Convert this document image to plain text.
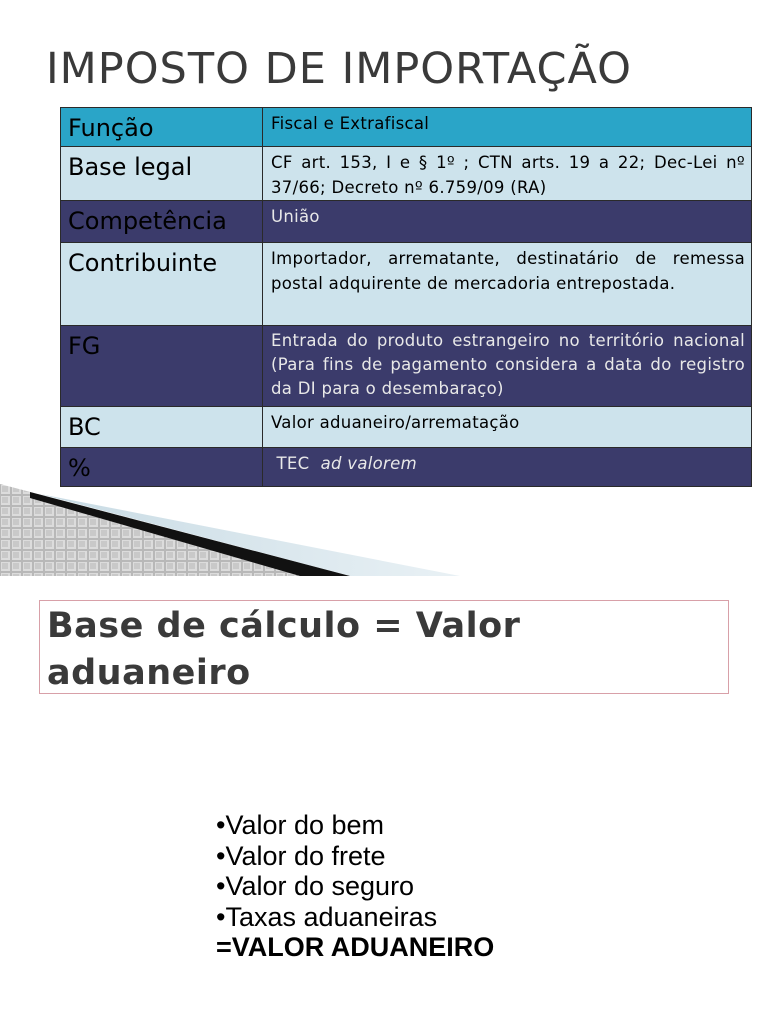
IMPOSTO DE IMPORTAÇÃO
Função	Fiscal e Extrafiscal
Base legal	CF art. 153, I e § 1º ; CTN arts. 19 a 22; Dec-Lei nº 37/66; Decreto nº 6.759/09 (RA)
Competência	União
Contribuinte	Importador, arrematante, destinatário de remessa postal adquirente de mercadoria entrepostada.
FG	Entrada do produto estrangeiro no território nacional (Para fins de pagamento considera a data do registro da DI para o desembaraço)
BC	Valor aduaneiro/arrematação
%	TEC  ad valorem
Base de cálculo = Valor aduaneiro
•Valor do bem
•Valor do frete
•Valor do seguro
•Taxas aduaneiras
=VALOR ADUANEIRO
